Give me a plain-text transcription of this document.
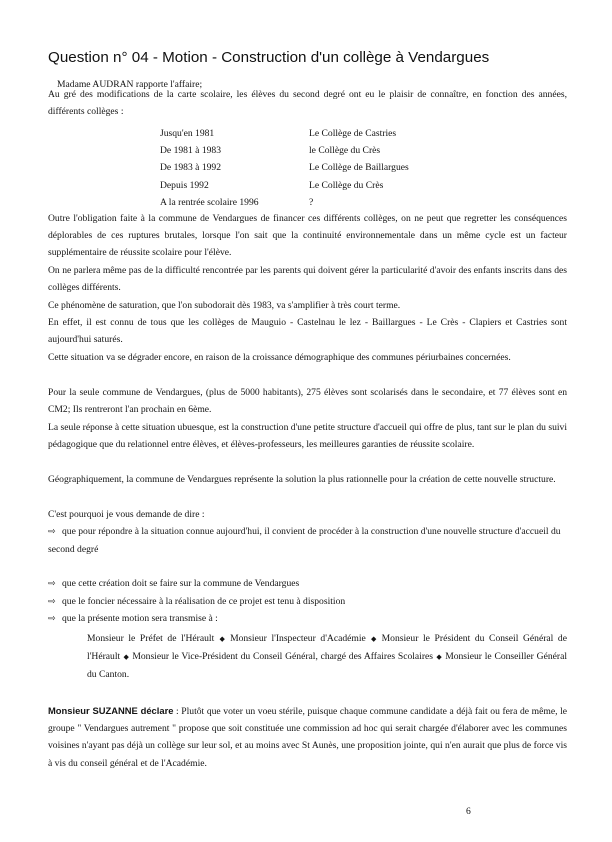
Question n° 04 - Motion - Construction d'un collège à Vendargues
Madame AUDRAN rapporte l'affaire;

Au gré des modifications de la carte scolaire, les élèves du second degré ont eu le plaisir de connaître, en fonction des années, différents collèges :

Jusqu'en 1981	Le Collège de Castries
De 1981 à 1983	le Collège du Crès
De 1983 à 1992	Le Collège de Baillargues
Depuis 1992	Le Collège du Crès
A la rentrée scolaire 1996	?

Outre l'obligation faite à la commune de Vendargues de financer ces différents collèges, on ne peut que regretter les conséquences déplorables de ces ruptures brutales, lorsque l'on sait que la continuité environnementale dans un même cycle est un facteur supplémentaire de réussite scolaire pour l'élève.

On ne parlera même pas de la difficulté rencontrée par les parents qui doivent gérer la particularité d'avoir des enfants inscrits dans des collèges différents.

Ce phénomène de saturation, que l'on subodorait dès 1983, va s'amplifier à très court terme.

En effet, il est connu de tous que les collèges de Mauguio - Castelnau le lez - Baillargues - Le Crès - Clapiers et Castries sont aujourd'hui saturés.

Cette situation va se dégrader encore, en raison de la croissance démographique des communes périurbaines concernées.

Pour la seule commune de Vendargues, (plus de 5000 habitants), 275 élèves sont scolarisés dans le secondaire, et 77 élèves sont en CM2; Ils rentreront l'an prochain en 6ème.

La seule réponse à cette situation ubuesque, est la construction d'une petite structure d'accueil qui offre de plus, tant sur le plan du suivi pédagogique que du relationnel entre élèves, et élèves-professeurs, les meilleures garanties de réussite scolaire.

Géographiquement, la commune de Vendargues représente la solution la plus rationnelle pour la création de cette nouvelle structure.

C'est pourquoi je vous demande de dire :

⇨ que pour répondre à la situation connue aujourd'hui, il convient de procéder à la construction d'une nouvelle structure d'accueil du second degré

⇨ que cette création doit se faire sur la commune de Vendargues

⇨ que le foncier nécessaire à la réalisation de ce projet est tenu à disposition

⇨ que la présente motion sera transmise à :

Monsieur le Préfet de l'Hérault ◆ Monsieur l'Inspecteur d'Académie ◆ Monsieur le Président du Conseil Général de l'Hérault ◆ Monsieur le Vice-Président du Conseil Général, chargé des Affaires Scolaires ◆ Monsieur le Conseiller Général du Canton.

Monsieur SUZANNE déclare : Plutôt que voter un voeu stérile, puisque chaque commune candidate a déjà fait ou fera de même, le groupe " Vendargues autrement " propose que soit constituée une commission ad hoc qui serait chargée d'élaborer avec les communes voisines n'ayant pas déjà un collège sur leur sol, et au moins avec St Aunès, une proposition jointe, qui n'en aurait que plus de force vis à vis du conseil général et de l'Académie.

6
